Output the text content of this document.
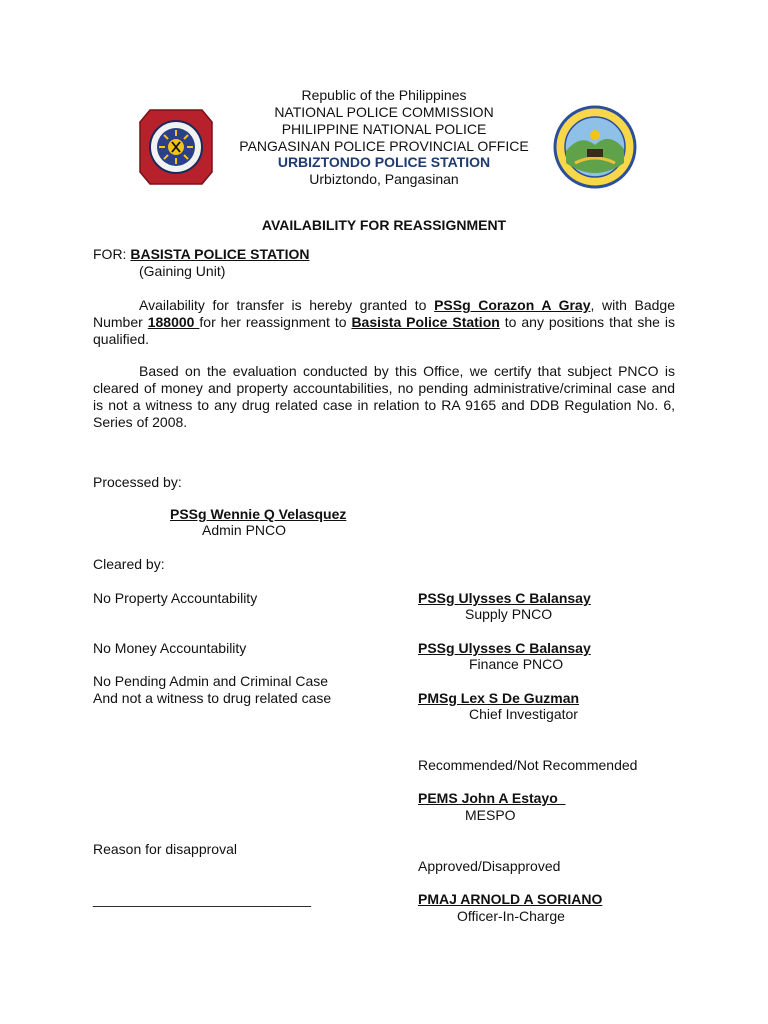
Republic of the Philippines
NATIONAL POLICE COMMISSION
PHILIPPINE NATIONAL POLICE
PANGASINAN POLICE PROVINCIAL OFFICE
URBIZTONDO POLICE STATION
Urbiztondo, Pangasinan
AVAILABILITY FOR REASSIGNMENT
FOR: BASISTA POLICE STATION
(Gaining Unit)
Availability for transfer is hereby granted to PSSg Corazon A Gray, with Badge Number 188000 for her reassignment to Basista Police Station to any positions that she is qualified.
Based on the evaluation conducted by this Office, we certify that subject PNCO is cleared of money and property accountabilities, no pending administrative/criminal case and is not a witness to any drug related case in relation to RA 9165 and DDB Regulation No. 6, Series of 2008.
Processed by:
PSSg Wennie Q Velasquez
Admin PNCO
Cleared by:
No Property Accountability	PSSg Ulysses C Balansay
Supply PNCO
No Money Accountability	PSSg Ulysses C Balansay
Finance PNCO
No Pending Admin and Criminal Case
And not a witness to drug related case	PMSg Lex S De Guzman
Chief Investigator
Recommended/Not Recommended
PEMS John A Estayo
MESPO
Reason for disapproval
____________________________
Approved/Disapproved
PMAJ ARNOLD A SORIANO
Officer-In-Charge
